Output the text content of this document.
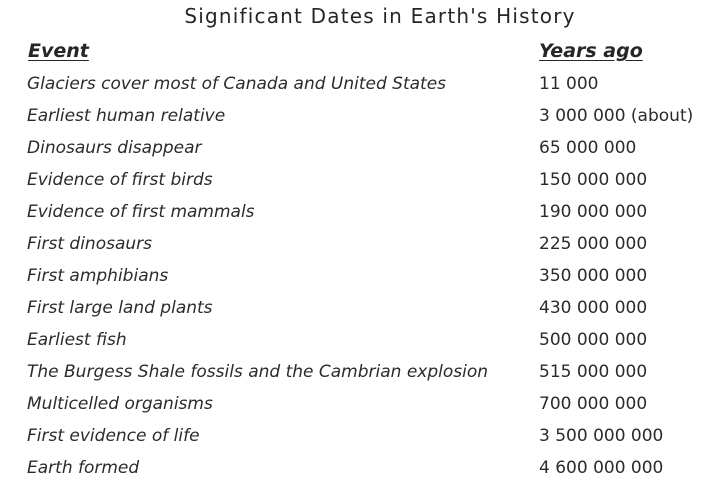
Significant Dates in Earth's History
Event	Years ago
Glaciers cover most of Canada and United States	11 000
Earliest human relative	3 000 000 (about)
Dinosaurs disappear	65 000 000
Evidence of first birds	150 000 000
Evidence of first mammals	190 000 000
First dinosaurs	225 000 000
First amphibians	350 000 000
First large land plants	430 000 000
Earliest fish	500 000 000
The Burgess Shale fossils and the Cambrian explosion	515 000 000
Multicelled organisms	700 000 000
First evidence of life	3 500 000 000
Earth formed	4 600 000 000
